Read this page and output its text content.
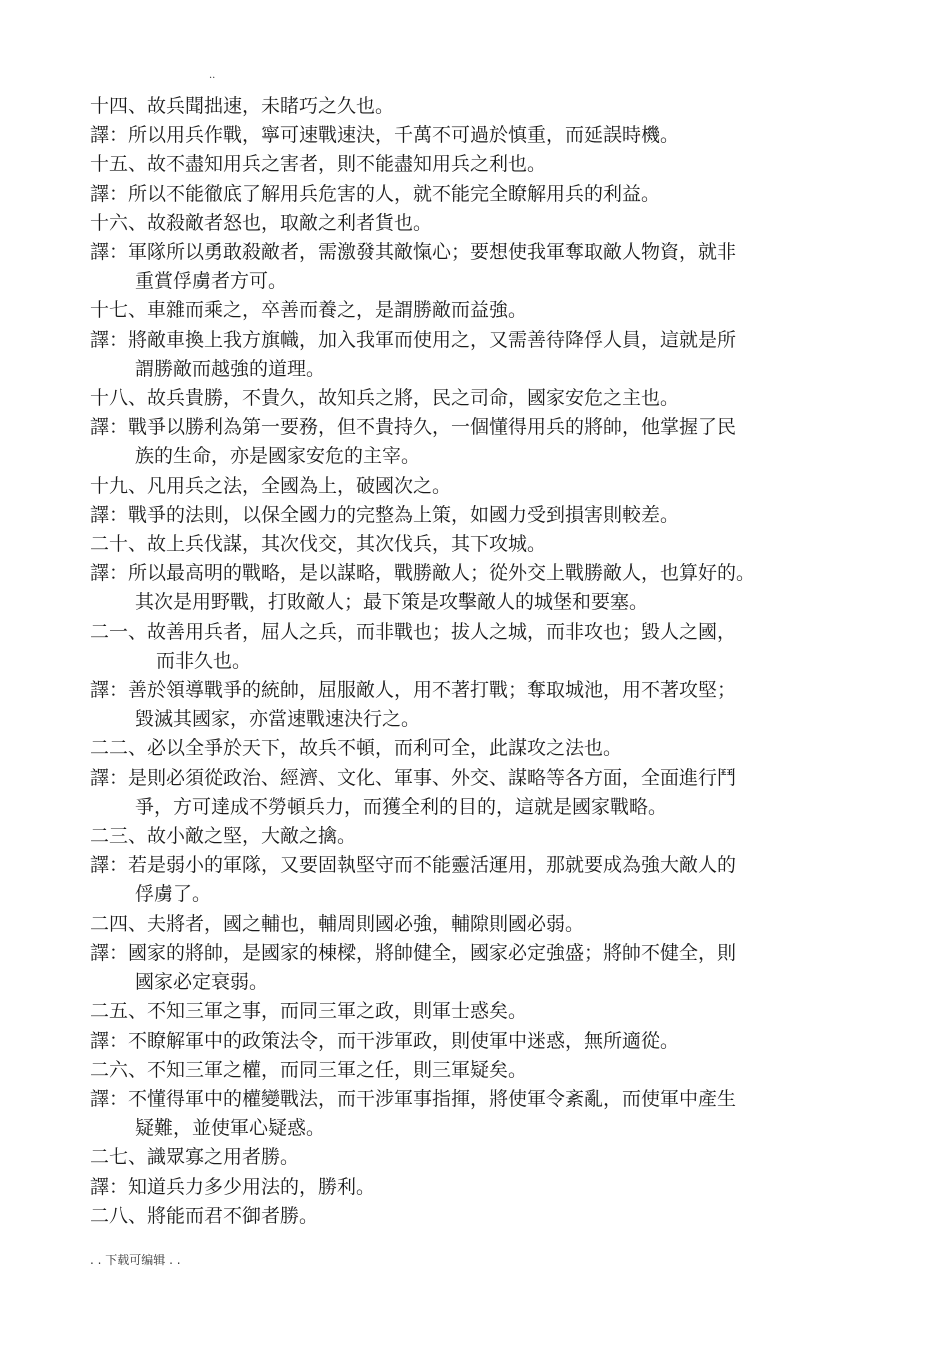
..
十四、故兵聞拙速，未睹巧之久也。
譯：所以用兵作戰，寧可速戰速決，千萬不可過於慎重，而延誤時機。
十五、故不盡知用兵之害者，則不能盡知用兵之利也。
譯：所以不能徹底了解用兵危害的人，就不能完全瞭解用兵的利益。
十六、故殺敵者怒也，取敵之利者貨也。
譯：軍隊所以勇敢殺敵者，需激發其敵愾心；要想使我軍奪取敵人物資，就非
重賞俘虜者方可。
十七、車雜而乘之，卒善而養之，是謂勝敵而益強。
譯：將敵車換上我方旗幟，加入我軍而使用之，又需善待降俘人員，這就是所
謂勝敵而越強的道理。
十八、故兵貴勝，不貴久，故知兵之將，民之司命，國家安危之主也。
譯：戰爭以勝利為第一要務，但不貴持久，一個懂得用兵的將帥，他掌握了民
族的生命，亦是國家安危的主宰。
十九、凡用兵之法，全國為上，破國次之。
譯：戰爭的法則，以保全國力的完整為上策，如國力受到損害則較差。
二十、故上兵伐謀，其次伐交，其次伐兵，其下攻城。
譯：所以最高明的戰略，是以謀略，戰勝敵人；從外交上戰勝敵人，也算好的。
其次是用野戰，打敗敵人；最下策是攻擊敵人的城堡和要塞。
二一、故善用兵者，屈人之兵，而非戰也；拔人之城，而非攻也；毀人之國，
而非久也。
譯：善於領導戰爭的統帥，屈服敵人，用不著打戰；奪取城池，用不著攻堅；
毀滅其國家，亦當速戰速決行之。
二二、必以全爭於天下，故兵不頓，而利可全，此謀攻之法也。
譯：是則必須從政治、經濟、文化、軍事、外交、謀略等各方面，全面進行鬥
爭，方可達成不勞頓兵力，而獲全利的目的，這就是國家戰略。
二三、故小敵之堅，大敵之擒。
譯：若是弱小的軍隊，又要固執堅守而不能靈活運用，那就要成為強大敵人的
俘虜了。
二四、夫將者，國之輔也，輔周則國必強，輔隙則國必弱。
譯：國家的將帥，是國家的棟樑，將帥健全，國家必定強盛；將帥不健全，則
國家必定衰弱。
二五、不知三軍之事，而同三軍之政，則軍士惑矣。
譯：不瞭解軍中的政策法令，而干涉軍政，則使軍中迷惑，無所適從。
二六、不知三軍之權，而同三軍之任，則三軍疑矣。
譯：不懂得軍中的權變戰法，而干涉軍事指揮，將使軍令紊亂，而使軍中產生
疑難，並使軍心疑惑。
二七、識眾寡之用者勝。
譯：知道兵力多少用法的，勝利。
二八、將能而君不御者勝。
. . 下载可编辑 . .
